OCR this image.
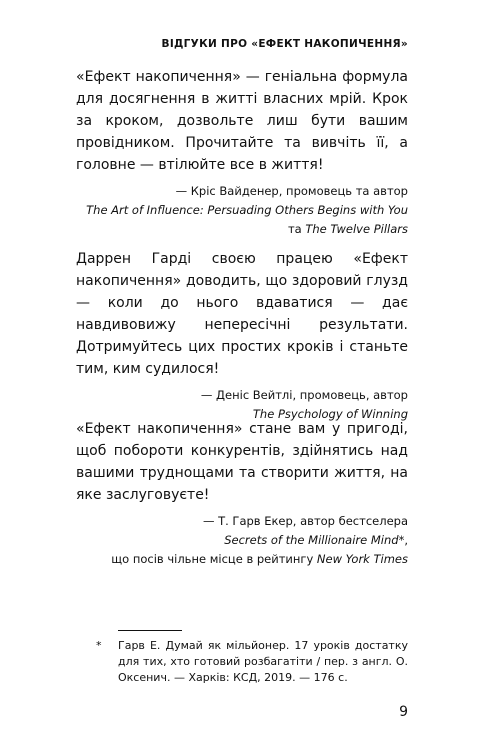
ВІДГУКИ ПРО «ЕФЕКТ НАКОПИЧЕННЯ»

«Ефект накопичення» — геніальна формула для досягнення в житті власних мрій. Крок за кроком, дозвольте лиш бути вашим провідником. Прочитайте та вивчіть її, а головне — втілюйте все в життя!

— Кріс Вайденер, промовець та автор
The Art of Influence: Persuading Others Begins with You
та The Twelve Pillars

Даррен Гарді своєю працею «Ефект накопичення» доводить, що здоровий глузд — коли до нього вдаватися — дає навдивовижу непересічні результати. Дотримуйтесь цих простих кроків і станьте тим, ким судилося!

— Деніс Вейтлі, промовець, автор
The Psychology of Winning

«Ефект накопичення» стане вам у пригоді, щоб побороти конкурентів, здійнятись над вашими труднощами та створити життя, на яке заслуговуєте!

— Т. Гарв Екер, автор бестселера
Secrets of the Millionaire Mind*,
що посів чільне місце в рейтингу New York Times
* Гарв Е. Думай як мільйонер. 17 уроків достатку для тих, хто готовий розбагатіти / пер. з англ. О. Оксенич. — Харків: КСД, 2019. — 176 с.
9
